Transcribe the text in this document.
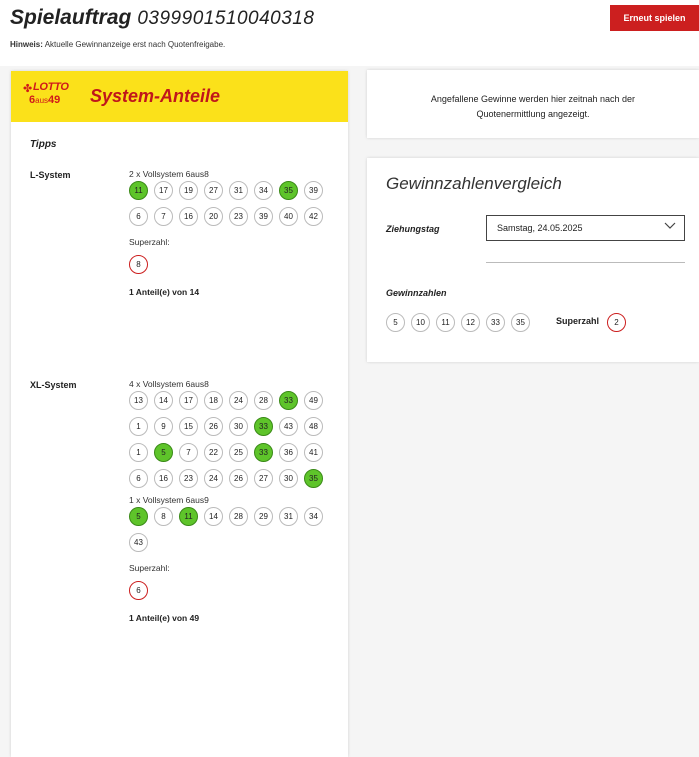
Spielauftrag 0399901510040318
Hinweis: Aktuelle Gewinnanzeige erst nach Quotenfreigabe.
Erneut spielen
✤ LOTTO
6aus49 System-Anteile
Tipps
L-System	2 x Vollsystem 6aus8
11	17	19	27	31	34	35	39
6	7	16	20	23	39	40	42
Superzahl:
8
1 Anteil(e) von 14
XL-System	4 x Vollsystem 6aus8
13	14	17	18	24	28	33	49
1	9	15	26	30	33	43	48
1	5	7	22	25	33	36	41
6	16	23	24	26	27	30	35
1 x Vollsystem 6aus9
5	8	11	14	28	29	31	34
43
Superzahl:
6
1 Anteil(e) von 49

Angefallene Gewinne werden hier zeitnah nach der Quotenermittlung angezeigt.

Gewinnzahlenvergleich
Ziehungstag	Samstag, 24.05.2025
Gewinnzahlen
5	10	11	12	33	35	Superzahl	2
